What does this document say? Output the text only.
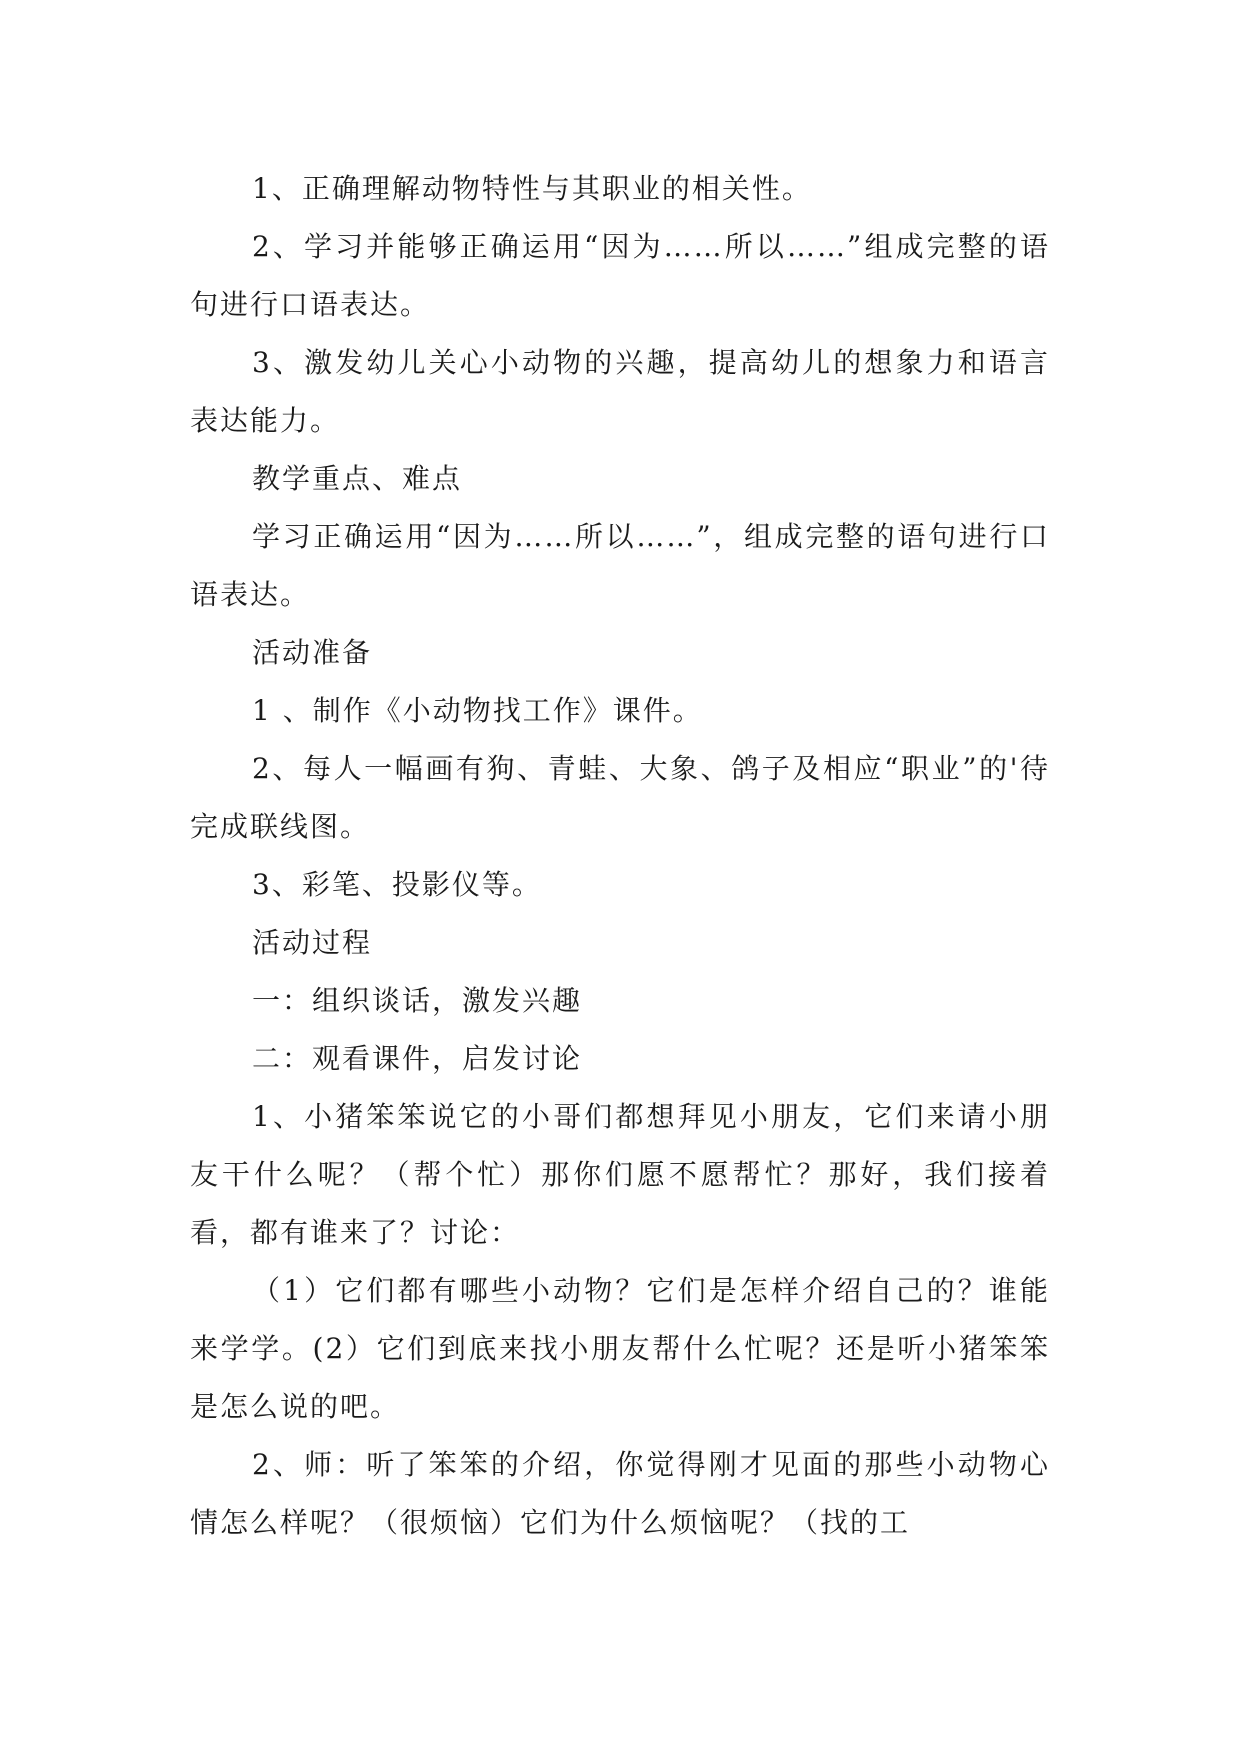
1、正确理解动物特性与其职业的相关性。

2、学习并能够正确运用“因为……所以……”组成完整的语句进行口语表达。

3、激发幼儿关心小动物的兴趣，提高幼儿的想象力和语言表达能力。

教学重点、难点

学习正确运用“因为……所以……”，组成完整的语句进行口语表达。

活动准备

1 、制作《小动物找工作》课件。

2、每人一幅画有狗、青蛙、大象、鸽子及相应“职业”的'待完成联线图。

3、彩笔、投影仪等。

活动过程

一：组织谈话，激发兴趣

二：观看课件，启发讨论

1、小猪笨笨说它的小哥们都想拜见小朋友，它们来请小朋友干什么呢？（帮个忙）那你们愿不愿帮忙？那好，我们接着看，都有谁来了？讨论：

（1）它们都有哪些小动物？它们是怎样介绍自己的？谁能来学学。(2）它们到底来找小朋友帮什么忙呢？还是听小猪笨笨是怎么说的吧。

2、师：听了笨笨的介绍，你觉得刚才见面的那些小动物心情怎么样呢？（很烦恼）它们为什么烦恼呢？（找的工
